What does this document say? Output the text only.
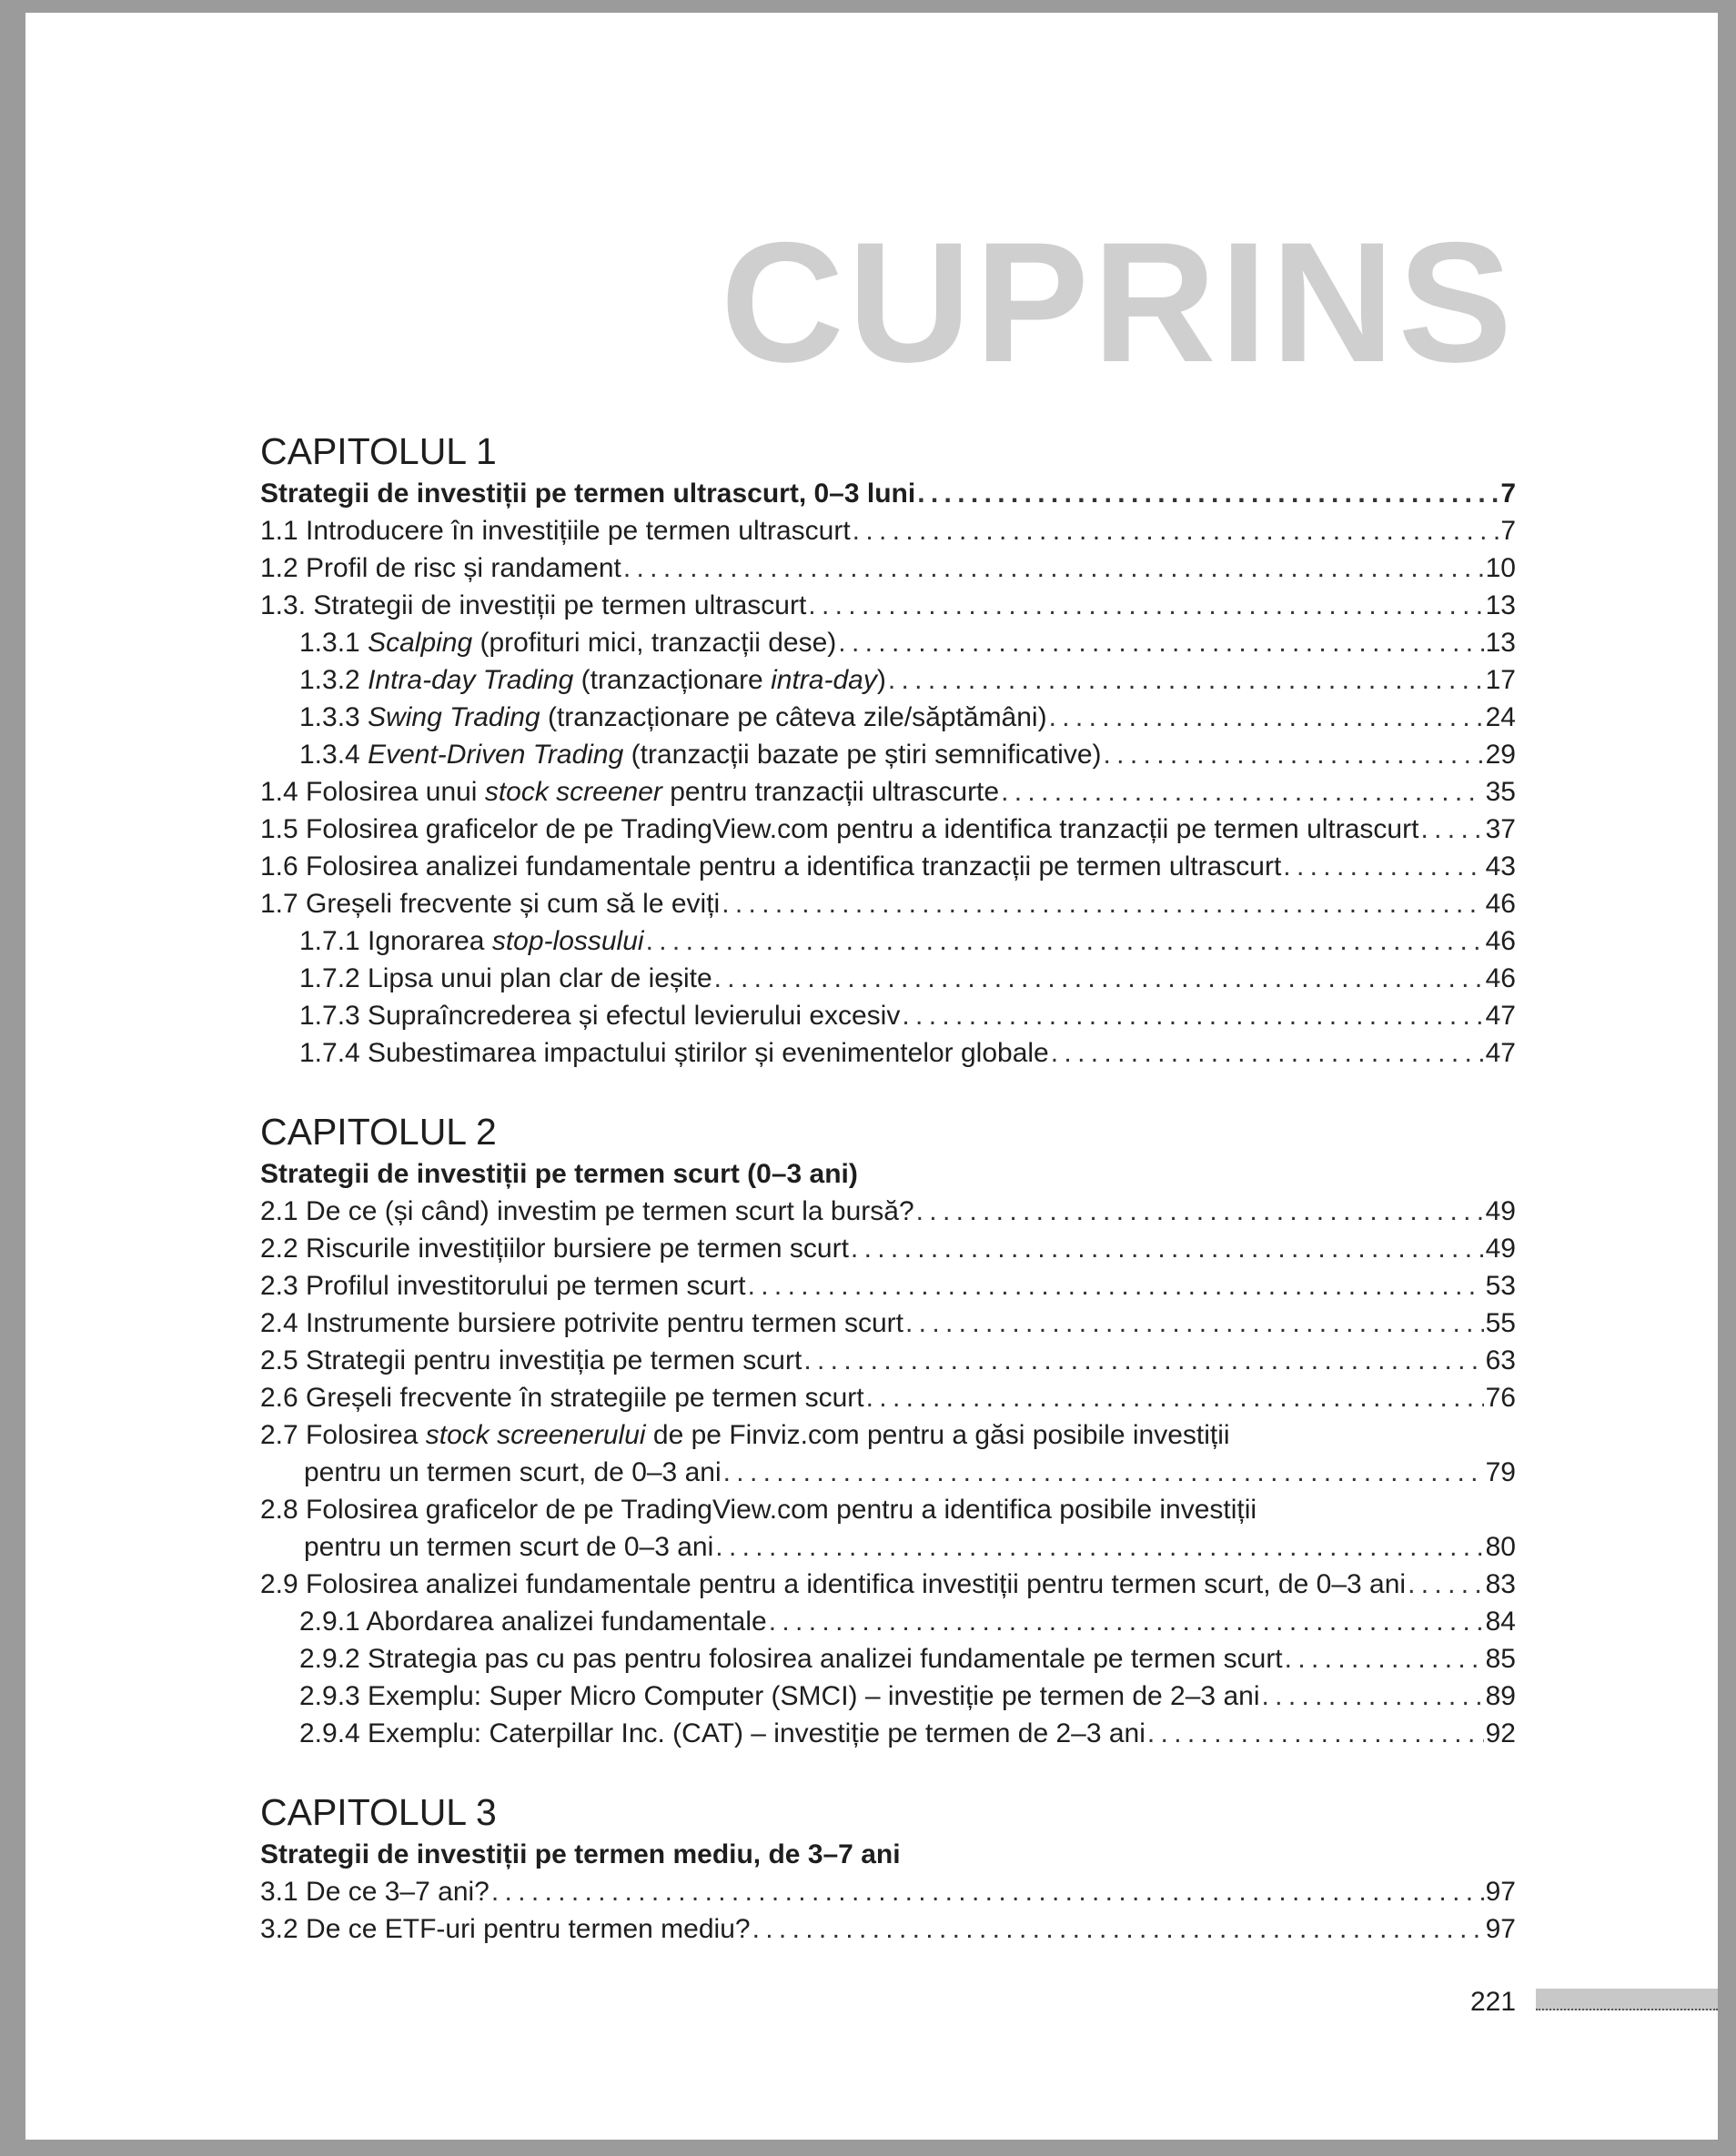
CUPRINS
CAPITOLUL 1
Strategii de investiții pe termen ultrascurt, 0–3 luni . . .	7
1.1 Introducere în investițiile pe termen ultrascurt . . .	7
1.2 Profil de risc și randament . . .	10
1.3. Strategii de investiții pe termen ultrascurt . . .	13
1.3.1 Scalping (profituri mici, tranzacții dese) . . .	13
1.3.2 Intra-day Trading (tranzacționare intra-day) . . .	17
1.3.3 Swing Trading (tranzacționare pe câteva zile/săptămâni) . . .	24
1.3.4 Event-Driven Trading (tranzacții bazate pe știri semnificative) . . .	29
1.4 Folosirea unui stock screener pentru tranzacții ultrascurte . . .	35
1.5 Folosirea graficelor de pe TradingView.com pentru a identifica tranzacții pe termen ultrascurt . . . 37
1.6 Folosirea analizei fundamentale pentru a identifica tranzacții pe termen ultrascurt . . .	43
1.7 Greșeli frecvente și cum să le eviți . . .	46
1.7.1 Ignorarea stop-lossului . . .	46
1.7.2 Lipsa unui plan clar de ieșite . . .	46
1.7.3 Supraîncrederea și efectul levierului excesiv . . .	47
1.7.4 Subestimarea impactului știrilor și evenimentelor globale . . .	47
CAPITOLUL 2
Strategii de investiții pe termen scurt (0–3 ani)
2.1 De ce (și când) investim pe termen scurt la bursă? . . .	49
2.2 Riscurile investițiilor bursiere pe termen scurt . . .	49
2.3 Profilul investitorului pe termen scurt . . .	53
2.4 Instrumente bursiere potrivite pentru termen scurt . . .	55
2.5 Strategii pentru investiția pe termen scurt . . .	63
2.6 Greșeli frecvente în strategiile pe termen scurt . . .	76
2.7 Folosirea stock screenerului de pe Finviz.com pentru a găsi posibile investiții
pentru un termen scurt, de 0–3 ani . . .	79
2.8 Folosirea graficelor de pe TradingView.com pentru a identifica posibile investiții
pentru un termen scurt de 0–3 ani . . .	80
2.9 Folosirea analizei fundamentale pentru a identifica investiții pentru termen scurt, de 0–3 ani . . .	83
2.9.1 Abordarea analizei fundamentale . . .	84
2.9.2 Strategia pas cu pas pentru folosirea analizei fundamentale pe termen scurt . . .	85
2.9.3 Exemplu: Super Micro Computer (SMCI) – investiție pe termen de 2–3 ani . . .	89
2.9.4 Exemplu: Caterpillar Inc. (CAT) – investiție pe termen de 2–3 ani . . .	92
CAPITOLUL 3
Strategii de investiții pe termen mediu, de 3–7 ani
3.1 De ce 3–7 ani? . . .	97
3.2 De ce ETF-uri pentru termen mediu? . . .	97
221
